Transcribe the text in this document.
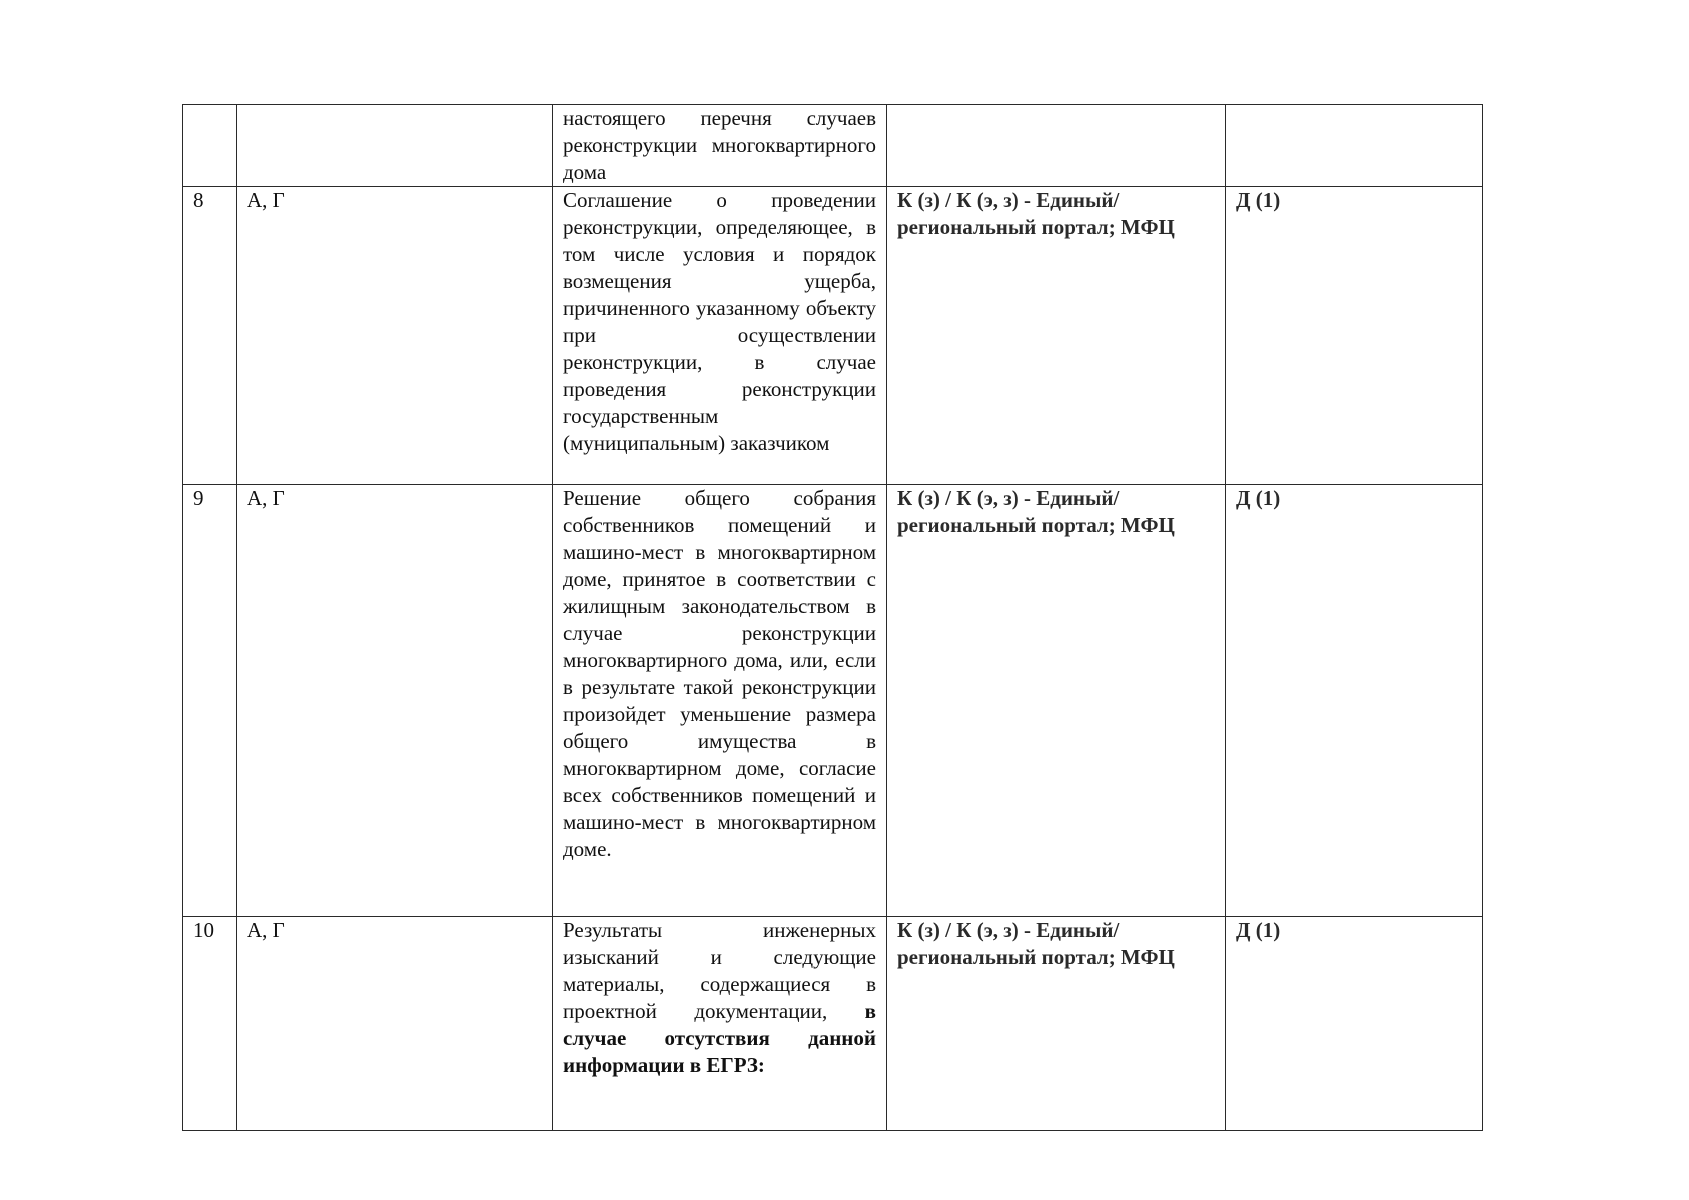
		настоящего перечня случаев реконструкции многоквартирного дома		
8	А, Г	Соглашение о проведении реконструкции, определяющее, в том числе условия и порядок возмещения ущерба, причиненного указанному объекту при осуществлении реконструкции, в случае проведения реконструкции государственным (муниципальным) заказчиком	К (з) / К (э, з) - Единый/региональный портал; МФЦ	Д (1)
9	А, Г	Решение общего собрания собственников помещений и машино-мест в многоквартирном доме, принятое в соответствии с жилищным законодательством в случае реконструкции многоквартирного дома, или, если в результате такой реконструкции произойдет уменьшение размера общего имущества в многоквартирном доме, согласие всех собственников помещений и машино-мест в многоквартирном доме.	К (з) / К (э, з) - Единый/региональный портал; МФЦ	Д (1)
10	А, Г	Результаты инженерных изысканий и следующие материалы, содержащиеся в проектной документации, в случае отсутствия данной информации в ЕГРЗ:	К (з) / К (э, з) - Единый/региональный портал; МФЦ	Д (1)
